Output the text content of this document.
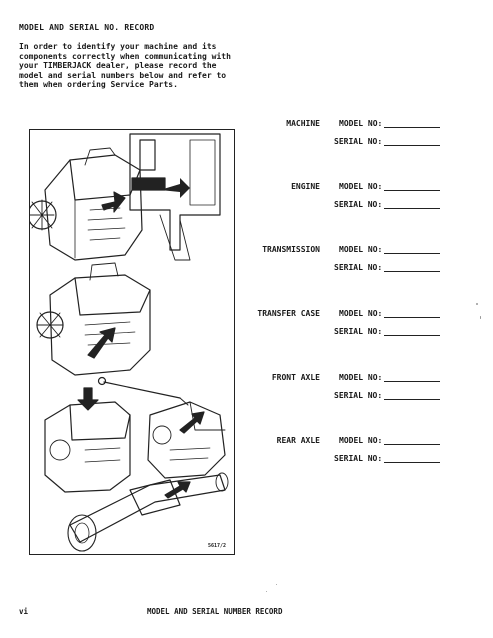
MODEL AND SERIAL NO. RECORD
In order to identify your machine and its
components correctly when communicating with
your TIMBERJACK dealer, please record the
model and serial numbers below and refer to
them when ordering Service Parts.
5617/2
MACHINE MODEL NO:
SERIAL NO:
ENGINE MODEL NO:
SERIAL NO:
TRANSMISSION MODEL NO:
SERIAL NO:
TRANSFER CASE MODEL NO:
SERIAL NO:
FRONT AXLE MODEL NO:
SERIAL NO:
REAR AXLE MODEL NO:
SERIAL NO:
vi	MODEL AND SERIAL NUMBER RECORD
